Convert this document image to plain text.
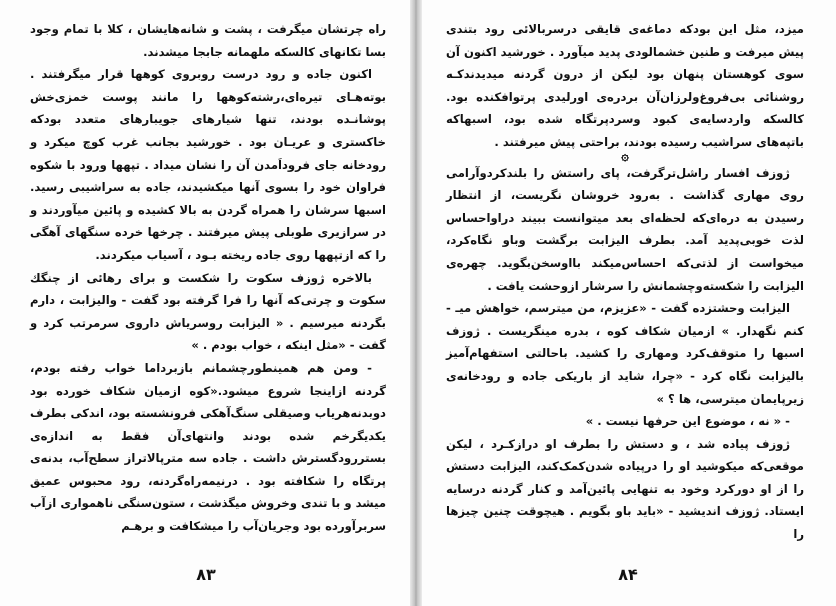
راه چرتشان میگرفت ، پشت و شانه‌هایشان ، کلا با تمام وجود بسا تکانهای کالسکه ملهمانه جابجا میشدند.

اکنون جاده و رود درست روبروی کوهها قرار میگرفتند . بوته‌هـای تیره‌ای،رشته‌کوهها را مانند پوست خمزی‌خش پوشانـده بودند، تنها شیارهای جویبارهای متعدد بودکه خاکستری و عریـان بود . خورشید بجانب غرب کوچ میکرد و رودخانه جای فروداَمدن آن را نشان میداد . تپهها ورود با شکوه فراوان خود را بسوی آنها میکشیدند، جاده به سراشیبی رسید. اسبها سرشان را همراه گردن به بالا کشیده و پائین میآوردند و در سرازیری طوبلی پیش میرفتند . چرخها خرده سنگهای آهگی را که ازتپهها روی جاده ریخته بـود ، آسیاب میکردند.

بالاخره ژوزف سکوت را شکست و برای رهائی از چنگك سکوت و چرتی‌که آنها را فرا گرفته بود گفت - والیزابت ، دارم بگردنه میرسیم . « الیزابت روسریاش داروی سرمرتب کرد و گفت - «مثل اینکه ، خواب بودم . »

- ومن هم همینطورچشمانم بازبرداما خواب رفته بودم، گردنه ازاینجا شروع میشود.«کوه ازمیان شکاف خورده بود دوبدنه‌هریاب وصیقلی سنگ‌آهکی فرونشسته بود، اندکی بطرف یکدیگرخم شده بودند وانتهای‌آن فقط به اندازه‌ی بستررودگسترش داشت . جاده سه مترپالاتراز سطح‌آب، بدنه‌ی پرتگاه را شکافته بود . درنیمه‌راه‌گردنه، رود محبوس عمیق میشد و با تندی وخروش میگذشت ، ستون‌سنگی ناهمواری ازآب سربرآورده بود وجریان‌آب را میشکافت و برهـم

۸۳

میزد، مثل این بودکه دماغه‌ی قایقی درسربالائی رود بتندی پیش میرفت و طنین خشمالودی پدید میآورد . خورشید اکنون آن سوی کوهستان پنهان بود لیکن از درون گردنه میدیدندکـه روشنائی بی‌فروغ‌ولرزان‌آن بردره‌ی اورلیدی پرتوافکنده بود. کالسکه واردسایه‌ی کبود وسردپرتگاه شده بود، اسبهاکه باتپه‌های سراشیب رسیده بودند، براحتی پیش میرفتند .

۞

ژوزف افسار راشل‌ترگرفت، پای راستش را بلندکردوآرامی روی مهاری گذاشت . به‌رود خروشان نگریست، از انتظار رسیدن به دره‌ای‌که لحظه‌ای بعد میتوانست ببیند دراواحساس لذت خوبی‌پدید آمد. بطرف الیزابت برگشت وباو نگاه‌کرد، میخواست از لذتی‌که احساس‌میکند با‌اوسخن‌بگوید. چهره‌ی الیزابت را شکسته‌وچشمانش را سرشار ازوحشت یافت .

الیزابت وحشتزده گفت - «عزیزم، من میترسم، خواهش میـ - کنم نگهدار. » ازمیان شکاف کوه ، بدره مینگریست . ژوزف اسبها را متوقف‌کرد ومهاری را کشید. باحالتی استفهام‌آمیز بالیزابت نگاه کرد - «چرا، شاید از باریکی جاده و رودخانه‌ی زیرپایمان میترسی، ها ؟ »

- « نه ، موضوع این حرفها نیست . »

ژوزف پیاده شد ، و دستش را بطرف او درازکـرد ، لیکن موقعی‌که میکوشید او را درپیاده شدن‌کمک‌کند، الیزابت دستش را از او دورکرد وخود به تنهایی پائین‌آمد و کنار گردنه درسایه ایستاد. ژوزف اندیشید - «باید باو بگویم . هیچوقت چنین چیزها را

۸۴
